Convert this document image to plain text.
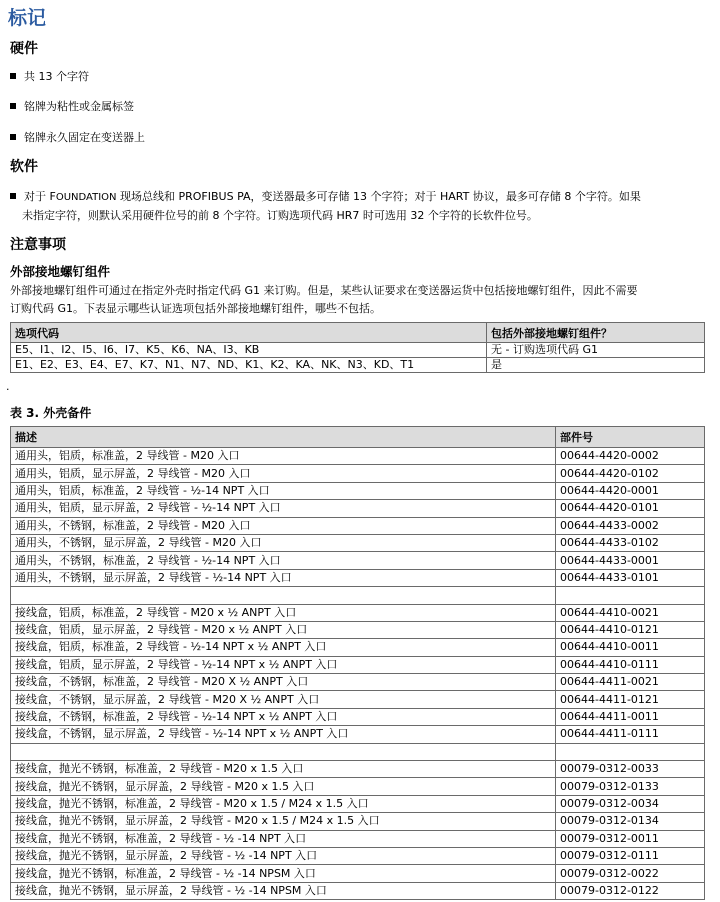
标记
硬件
共 13 个字符
铭牌为粘性或金属标签
铭牌永久固定在变送器上
软件
对于 FOUNDATION 现场总线和 PROFIBUS PA，变送器最多可存储 13 个字符；对于 HART 协议，最多可存储 8 个字符。如果
未指定字符，则默认采用硬件位号的前 8 个字符。订购选项代码 HR7 时可选用 32 个字符的长软件位号。
注意事项
外部接地螺钉组件
外部接地螺钉组件可通过在指定外壳时指定代码 G1 来订购。但是，某些认证要求在变送器运货中包括接地螺钉组件，因此不需要
订购代码 G1。下表显示哪些认证选项包括外部接地螺钉组件，哪些不包括。
选项代码	包括外部接地螺钉组件？
E5、I1、I2、I5、I6、I7、K5、K6、NA、I3、KB	无 - 订购选项代码 G1
E1、E2、E3、E4、E7、K7、N1、N7、ND、K1、K2、KA、NK、N3、KD、T1	是
.
表 3. 外壳备件
描述	部件号
通用头，铝质，标准盖，2 导线管 - M20 入口	00644-4420-0002
通用头，铝质，显示屏盖，2 导线管 - M20 入口	00644-4420-0102
通用头，铝质，标准盖，2 导线管 - ½-14 NPT 入口	00644-4420-0001
通用头，铝质，显示屏盖，2 导线管 - ½-14 NPT 入口	00644-4420-0101
通用头，不锈钢，标准盖，2 导线管 - M20 入口	00644-4433-0002
通用头，不锈钢，显示屏盖，2 导线管 - M20 入口	00644-4433-0102
通用头，不锈钢，标准盖，2 导线管 - ½-14 NPT 入口	00644-4433-0001
通用头，不锈钢，显示屏盖，2 导线管 - ½-14 NPT 入口	00644-4433-0101

接线盒，铝质，标准盖，2 导线管 - M20 x ½ ANPT 入口	00644-4410-0021
接线盒，铝质，显示屏盖，2 导线管 - M20 x ½ ANPT 入口	00644-4410-0121
接线盒，铝质，标准盖，2 导线管 - ½-14 NPT x ½ ANPT 入口	00644-4410-0011
接线盒，铝质，显示屏盖，2 导线管 - ½-14 NPT x ½ ANPT 入口	00644-4410-0111
接线盒，不锈钢，标准盖，2 导线管 - M20 X ½ ANPT 入口	00644-4411-0021
接线盒，不锈钢，显示屏盖，2 导线管 - M20 X ½ ANPT 入口	00644-4411-0121
接线盒，不锈钢，标准盖，2 导线管 - ½-14 NPT x ½ ANPT 入口	00644-4411-0011
接线盒，不锈钢，显示屏盖，2 导线管 - ½-14 NPT x ½ ANPT 入口	00644-4411-0111

接线盒，抛光不锈钢，标准盖，2 导线管 - M20 x 1.5 入口	00079-0312-0033
接线盒，抛光不锈钢，显示屏盖，2 导线管 - M20 x 1.5 入口	00079-0312-0133
接线盒，抛光不锈钢，标准盖，2 导线管 - M20 x 1.5 / M24 x 1.5 入口	00079-0312-0034
接线盒，抛光不锈钢，显示屏盖，2 导线管 - M20 x 1.5 / M24 x 1.5 入口	00079-0312-0134
接线盒，抛光不锈钢，标准盖，2 导线管 - ½ -14 NPT 入口	00079-0312-0011
接线盒，抛光不锈钢，显示屏盖，2 导线管 - ½ -14 NPT 入口	00079-0312-0111
接线盒，抛光不锈钢，标准盖，2 导线管 - ½ -14 NPSM 入口	00079-0312-0022
接线盒，抛光不锈钢，显示屏盖，2 导线管 - ½ -14 NPSM 入口	00079-0312-0122
